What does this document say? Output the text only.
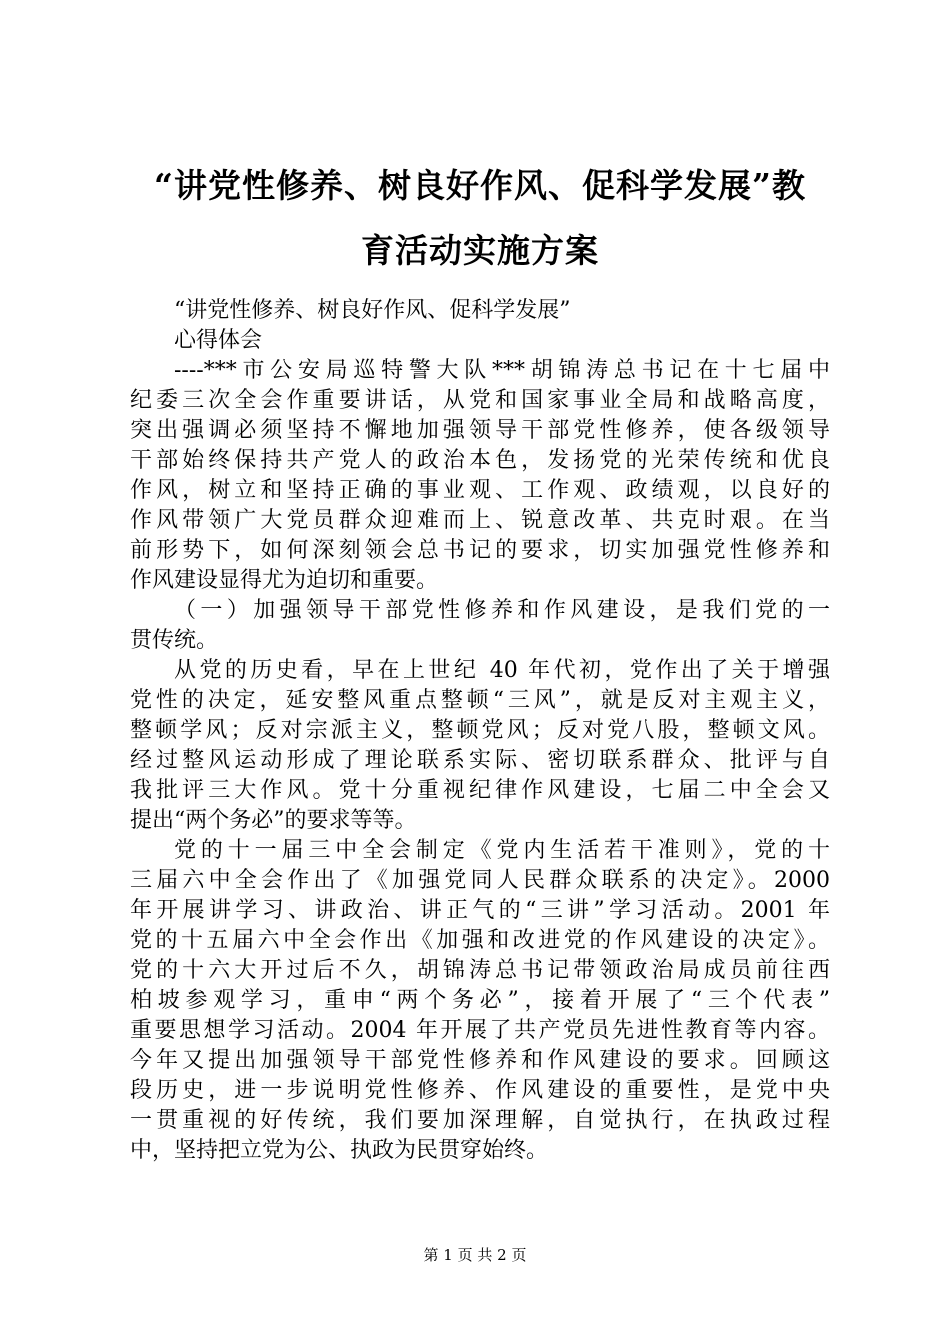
“讲党性修养、树良好作风、促科学发展”教
育活动实施方案
“讲党性修养、树良好作风、促科学发展”
心得体会
----***市公安局巡特警大队***胡锦涛总书记在十七届中
纪委三次全会作重要讲话，从党和国家事业全局和战略高度，
突出强调必须坚持不懈地加强领导干部党性修养，使各级领导
干部始终保持共产党人的政治本色，发扬党的光荣传统和优良
作风，树立和坚持正确的事业观、工作观、政绩观，以良好的
作风带领广大党员群众迎难而上、锐意改革、共克时艰。在当
前形势下，如何深刻领会总书记的要求，切实加强党性修养和
作风建设显得尤为迫切和重要。
（一）加强领导干部党性修养和作风建设，是我们党的一
贯传统。
从党的历史看，早在上世纪 40 年代初，党作出了关于增强
党性的决定，延安整风重点整顿“三风”，就是反对主观主义，
整顿学风；反对宗派主义，整顿党风；反对党八股，整顿文风。
经过整风运动形成了理论联系实际、密切联系群众、批评与自
我批评三大作风。党十分重视纪律作风建设，七届二中全会又
提出“两个务必”的要求等等。
党的十一届三中全会制定《党内生活若干准则》，党的十
三届六中全会作出了《加强党同人民群众联系的决定》。2000
年开展讲学习、讲政治、讲正气的“三讲”学习活动。2001 年
党的十五届六中全会作出《加强和改进党的作风建设的决定》。
党的十六大开过后不久，胡锦涛总书记带领政治局成员前往西
柏坡参观学习，重申“两个务必”，接着开展了“三个代表”
重要思想学习活动。2004 年开展了共产党员先进性教育等内容。
今年又提出加强领导干部党性修养和作风建设的要求。回顾这
段历史，进一步说明党性修养、作风建设的重要性，是党中央
一贯重视的好传统，我们要加深理解，自觉执行，在执政过程
中，坚持把立党为公、执政为民贯穿始终。
第 1 页 共 2 页
